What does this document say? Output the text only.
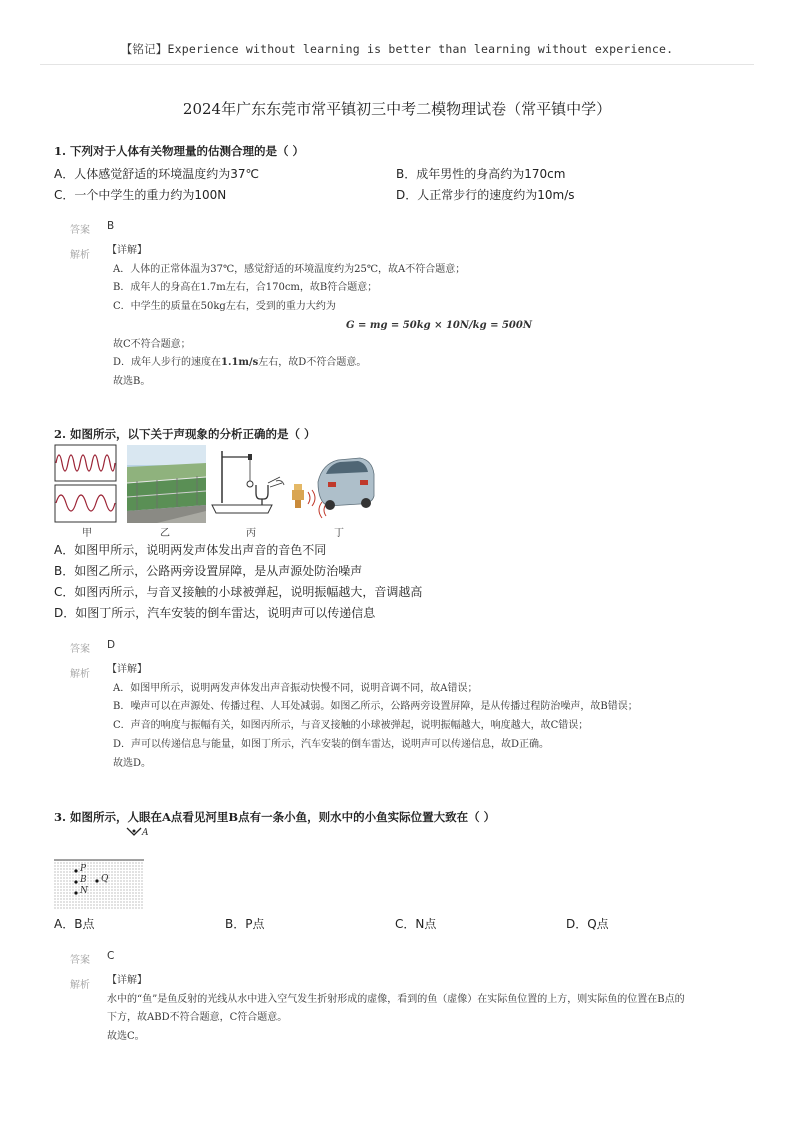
【铭记】Experience without learning is better than learning without experience.
2024年广东东莞市常平镇初三中考二模物理试卷（常平镇中学）
1. 下列对于人体有关物理量的估测合理的是（ ）
A．人体感觉舒适的环境温度约为37℃	B．成年男性的身高约为170cm
C．一个中学生的重力约为100N	D．人正常步行的速度约为10m/s
答案 B
解析 【详解】
A．人体的正常体温为37℃，感觉舒适的环境温度约为25℃，故A不符合题意；
B．成年人的身高在1.7m左右，合170cm，故B符合题意；
C．中学生的质量在50kg左右，受到的重力大约为
G = mg = 50kg × 10N/kg = 500N
故C不符合题意；
D．成年人步行的速度在1.1m/s左右，故D不符合题意。
故选B。
2. 如图所示，以下关于声现象的分析正确的是（ ）
甲	乙	丙	丁
A．如图甲所示，说明两发声体发出声音的音色不同
B．如图乙所示，公路两旁设置屏障，是从声源处防治噪声
C．如图丙所示，与音叉接触的小球被弹起，说明振幅越大，音调越高
D．如图丁所示，汽车安装的倒车雷达，说明声可以传递信息
答案 D
解析 【详解】
A．如图甲所示，说明两发声体发出声音振动快慢不同，说明音调不同，故A错误；
B．噪声可以在声源处、传播过程、人耳处减弱。如图乙所示，公路两旁设置屏障，是从传播过程防治噪声，故B错误；
C．声音的响度与振幅有关，如图丙所示，与音叉接触的小球被弹起，说明振幅越大，响度越大，故C错误；
D．声可以传递信息与能量，如图丁所示，汽车安装的倒车雷达，说明声可以传递信息，故D正确。
故选D。
3. 如图所示，人眼在A点看见河里B点有一条小鱼，则水中的小鱼实际位置大致在（ ）
A
P
B Q
N
A．B点	B．P点	C．N点	D．Q点
答案 C
解析 【详解】
水中的“鱼”是鱼反射的光线从水中进入空气发生折射形成的虚像，看到的鱼（虚像）在实际鱼位置的上方，则实际鱼的位置在B点的
下方，故ABD不符合题意，C符合题意。
故选C。
